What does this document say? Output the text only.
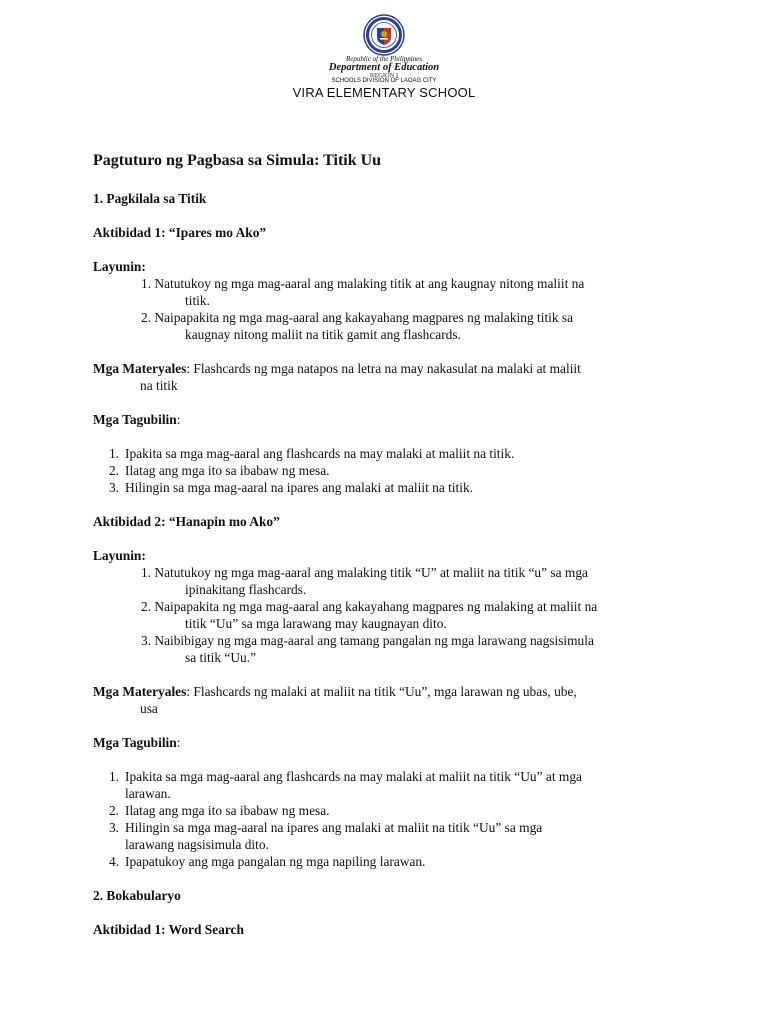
Republic of the Philippines
Department of Education
REGION I
SCHOOLS DIVISION OF LAOAG CITY
VIRA ELEMENTARY SCHOOL
Pagtuturo ng Pagbasa sa Simula: Titik Uu
1. Pagkilala sa Titik
Aktibidad 1: “Ipares mo Ako”
Layunin:
1. Natutukoy ng mga mag-aaral ang malaking titik at ang kaugnay nitong maliit na
titik.
2. Naipapakita ng mga mag-aaral ang kakayahang magpares ng malaking titik sa
kaugnay nitong maliit na titik gamit ang flashcards.
Mga Materyales: Flashcards ng mga natapos na letra na may nakasulat na malaki at maliit
na titik
Mga Tagubilin:
1. Ipakita sa mga mag-aaral ang flashcards na may malaki at maliit na titik.
2. Ilatag ang mga ito sa ibabaw ng mesa.
3. Hilingin sa mga mag-aaral na ipares ang malaki at maliit na titik.
Aktibidad 2: “Hanapin mo Ako”
Layunin:
1. Natutukoy ng mga mag-aaral ang malaking titik “U” at maliit na titik “u” sa mga
ipinakitang flashcards.
2. Naipapakita ng mga mag-aaral ang kakayahang magpares ng malaking at maliit na
titik “Uu” sa mga larawang may kaugnayan dito.
3. Naibibigay ng mga mag-aaral ang tamang pangalan ng mga larawang nagsisimula
sa titik “Uu.”
Mga Materyales: Flashcards ng malaki at maliit na titik “Uu”, mga larawan ng ubas, ube,
usa
Mga Tagubilin:
1. Ipakita sa mga mag-aaral ang flashcards na may malaki at maliit na titik “Uu” at mga
larawan.
2. Ilatag ang mga ito sa ibabaw ng mesa.
3. Hilingin sa mga mag-aaral na ipares ang malaki at maliit na titik “Uu” sa mga
larawang nagsisimula dito.
4. Ipapatukoy ang mga pangalan ng mga napiling larawan.
2. Bokabularyo
Aktibidad 1: Word Search
